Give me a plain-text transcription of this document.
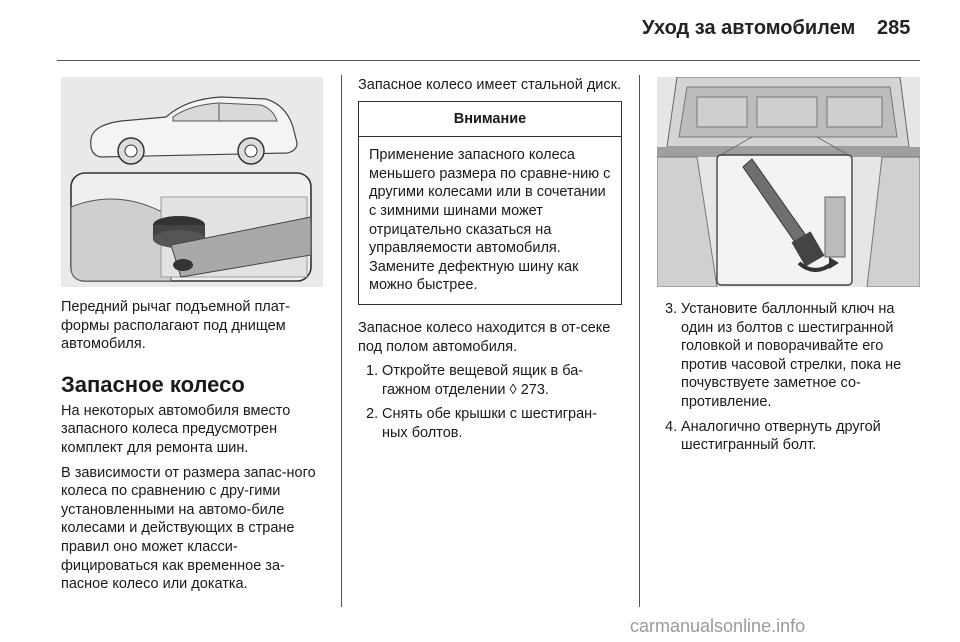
Уход за автомобилем 285

Передний рычаг подъемной плат-формы располагают под днищем автомобиля.

Запасное колесо

На некоторых автомобиля вместо запасного колеса предусмотрен комплект для ремонта шин.

В зависимости от размера запас-ного колеса по сравнению с дру-гими установленными на автомо-биле колесами и действующих в стране правил оно может класси-фицироваться как временное за-пасное колесо или докатка.

Запасное колесо имеет стальной диск.

Внимание
Применение запасного колеса меньшего размера по сравне-нию с другими колесами или в сочетании с зимними шинами может отрицательно сказаться на управляемости автомобиля. Замените дефектную шину как можно быстрее.

Запасное колесо находится в от-секе под полом автомобиля.

1. Откройте вещевой ящик в ба-гажном отделении ◊ 273.
2. Снять обе крышки с шестигран-ных болтов.
3. Установите баллонный ключ на один из болтов с шестигранной головкой и поворачивайте его против часовой стрелки, пока не почувствуете заметное со-противление.
4. Аналогично отвернуть другой шестигранный болт.
carmanualsonline.info
